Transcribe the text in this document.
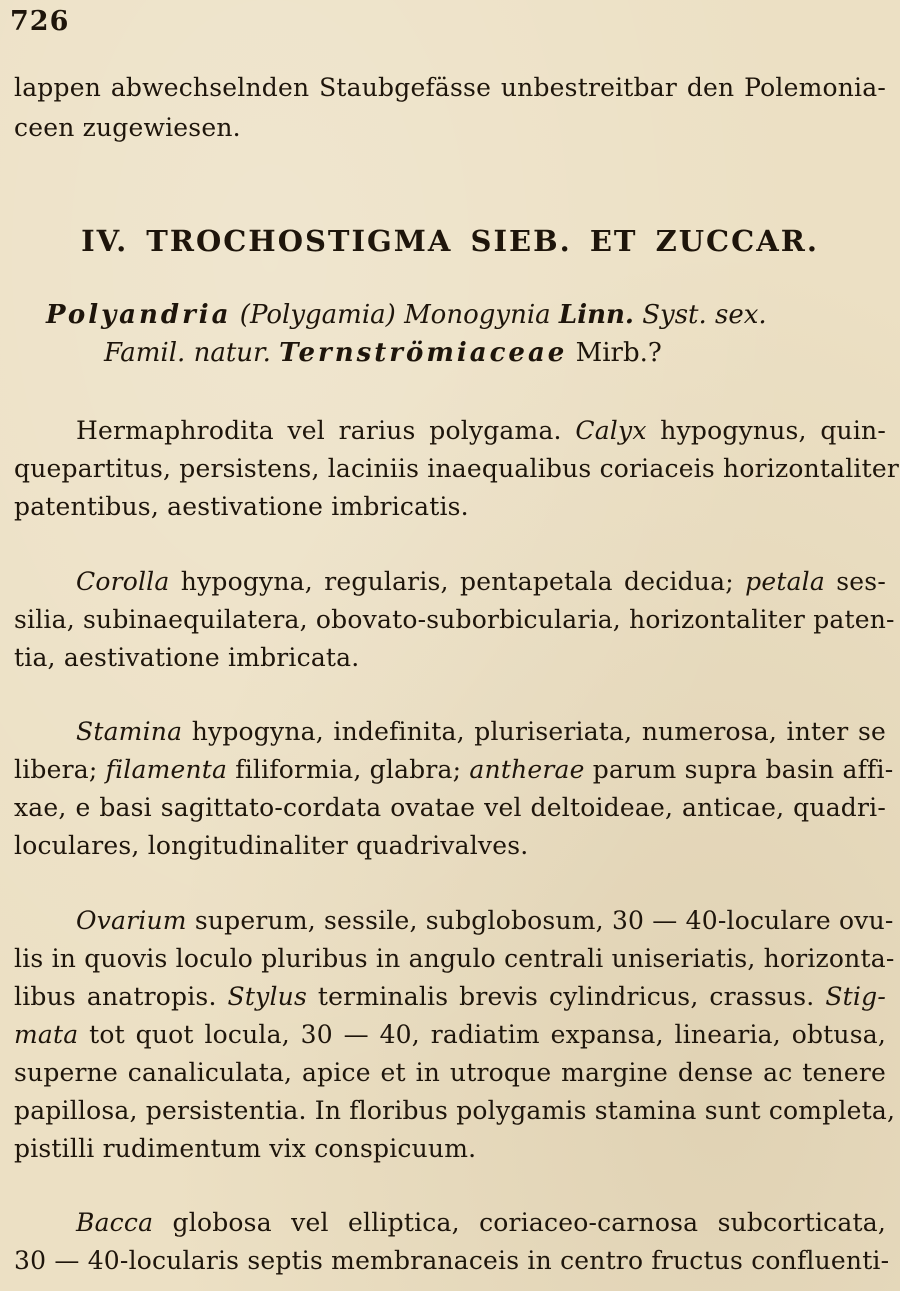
726
lappen abwechselnden Staubgefässe unbestreitbar den Polemonia-
ceen zugewiesen.
IV. TROCHOSTIGMA SIEB. ET ZUCCAR.
Polyandria (Polygamia) Monogynia Linn. Syst. sex.
Famil. natur. Ternströmiaceae Mirb.?
Hermaphrodita vel rarius polygama. Calyx hypogynus, quin-
quepartitus, persistens, laciniis inaequalibus coriaceis horizontaliter
patentibus, aestivatione imbricatis.
Corolla hypogyna, regularis, pentapetala decidua; petala ses-
silia, subinaequilatera, obovato-suborbicularia, horizontaliter paten-
tia, aestivatione imbricata.
Stamina hypogyna, indefinita, pluriseriata, numerosa, inter se
libera; filamenta filiformia, glabra; antherae parum supra basin affi-
xae, e basi sagittato-cordata ovatae vel deltoideae, anticae, quadri-
loculares, longitudinaliter quadrivalves.
Ovarium superum, sessile, subglobosum, 30 — 40-loculare ovu-
lis in quovis loculo pluribus in angulo centrali uniseriatis, horizonta-
libus anatropis. Stylus terminalis brevis cylindricus, crassus. Stig-
mata tot quot locula, 30 — 40, radiatim expansa, linearia, obtusa,
superne canaliculata, apice et in utroque margine dense ac tenere
papillosa, persistentia. In floribus polygamis stamina sunt completa,
pistilli rudimentum vix conspicuum.
Bacca globosa vel elliptica, coriaceo-carnosa subcorticata,
30 — 40-locularis septis membranaceis in centro fructus confluenti-
